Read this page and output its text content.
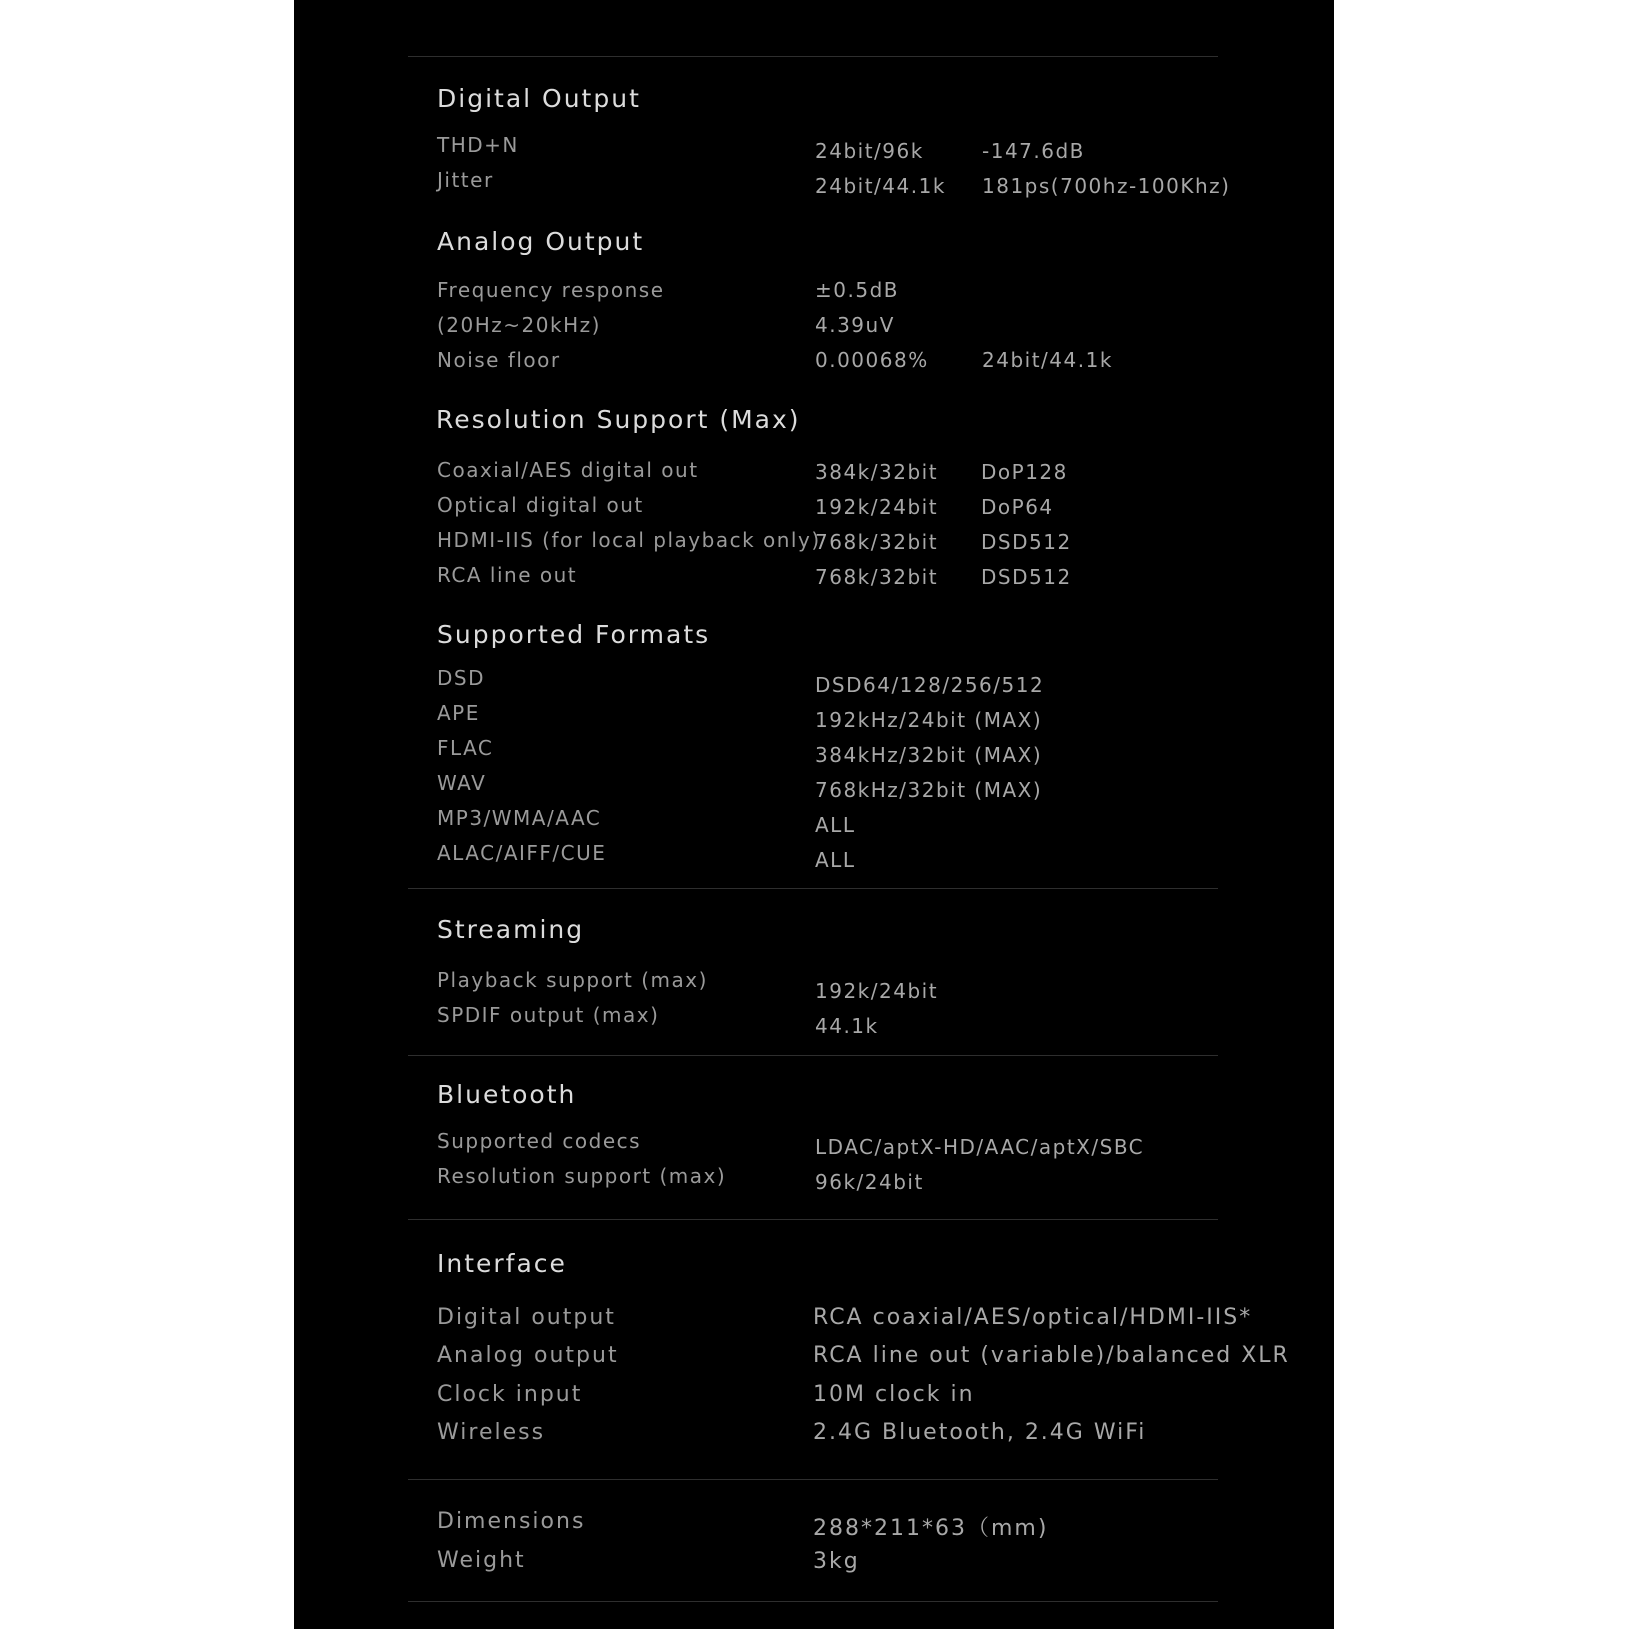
Digital Output
THD+N
Jitter
24bit/96k	-147.6dB
24bit/44.1k 181ps(700hz-100Khz)
Analog Output
Frequency response
(20Hz~20kHz)
Noise floor
±0.5dB
4.39uV
0.00068%	24bit/44.1k
Resolution Support (Max)
Coaxial/AES digital out
Optical digital out
HDMI-IIS (for local playback only)
RCA line out
384k/32bit
192k/24bit
768k/32bit
768k/32bit
DoP128
DoP64
DSD512
DSD512
Supported Formats
DSD
APE
FLAC
WAV
MP3/WMA/AAC
ALAC/AIFF/CUE
DSD64/128/256/512
192kHz/24bit (MAX)
384kHz/32bit (MAX)
768kHz/32bit (MAX)
ALL
ALL
Streaming
Playback support (max)
SPDIF output (max)
192k/24bit
44.1k
Bluetooth
Supported codecs
Resolution support (max)
LDAC/aptX-HD/AAC/aptX/SBC
96k/24bit
Interface
Digital output
Analog output
Clock input
Wireless
RCA coaxial/AES/optical/HDMI-IIS*
RCA line out (variable)/balanced XLR
10M clock in
2.4G Bluetooth, 2.4G WiFi
Dimensions
Weight
288*211*63（mm)
3kg
